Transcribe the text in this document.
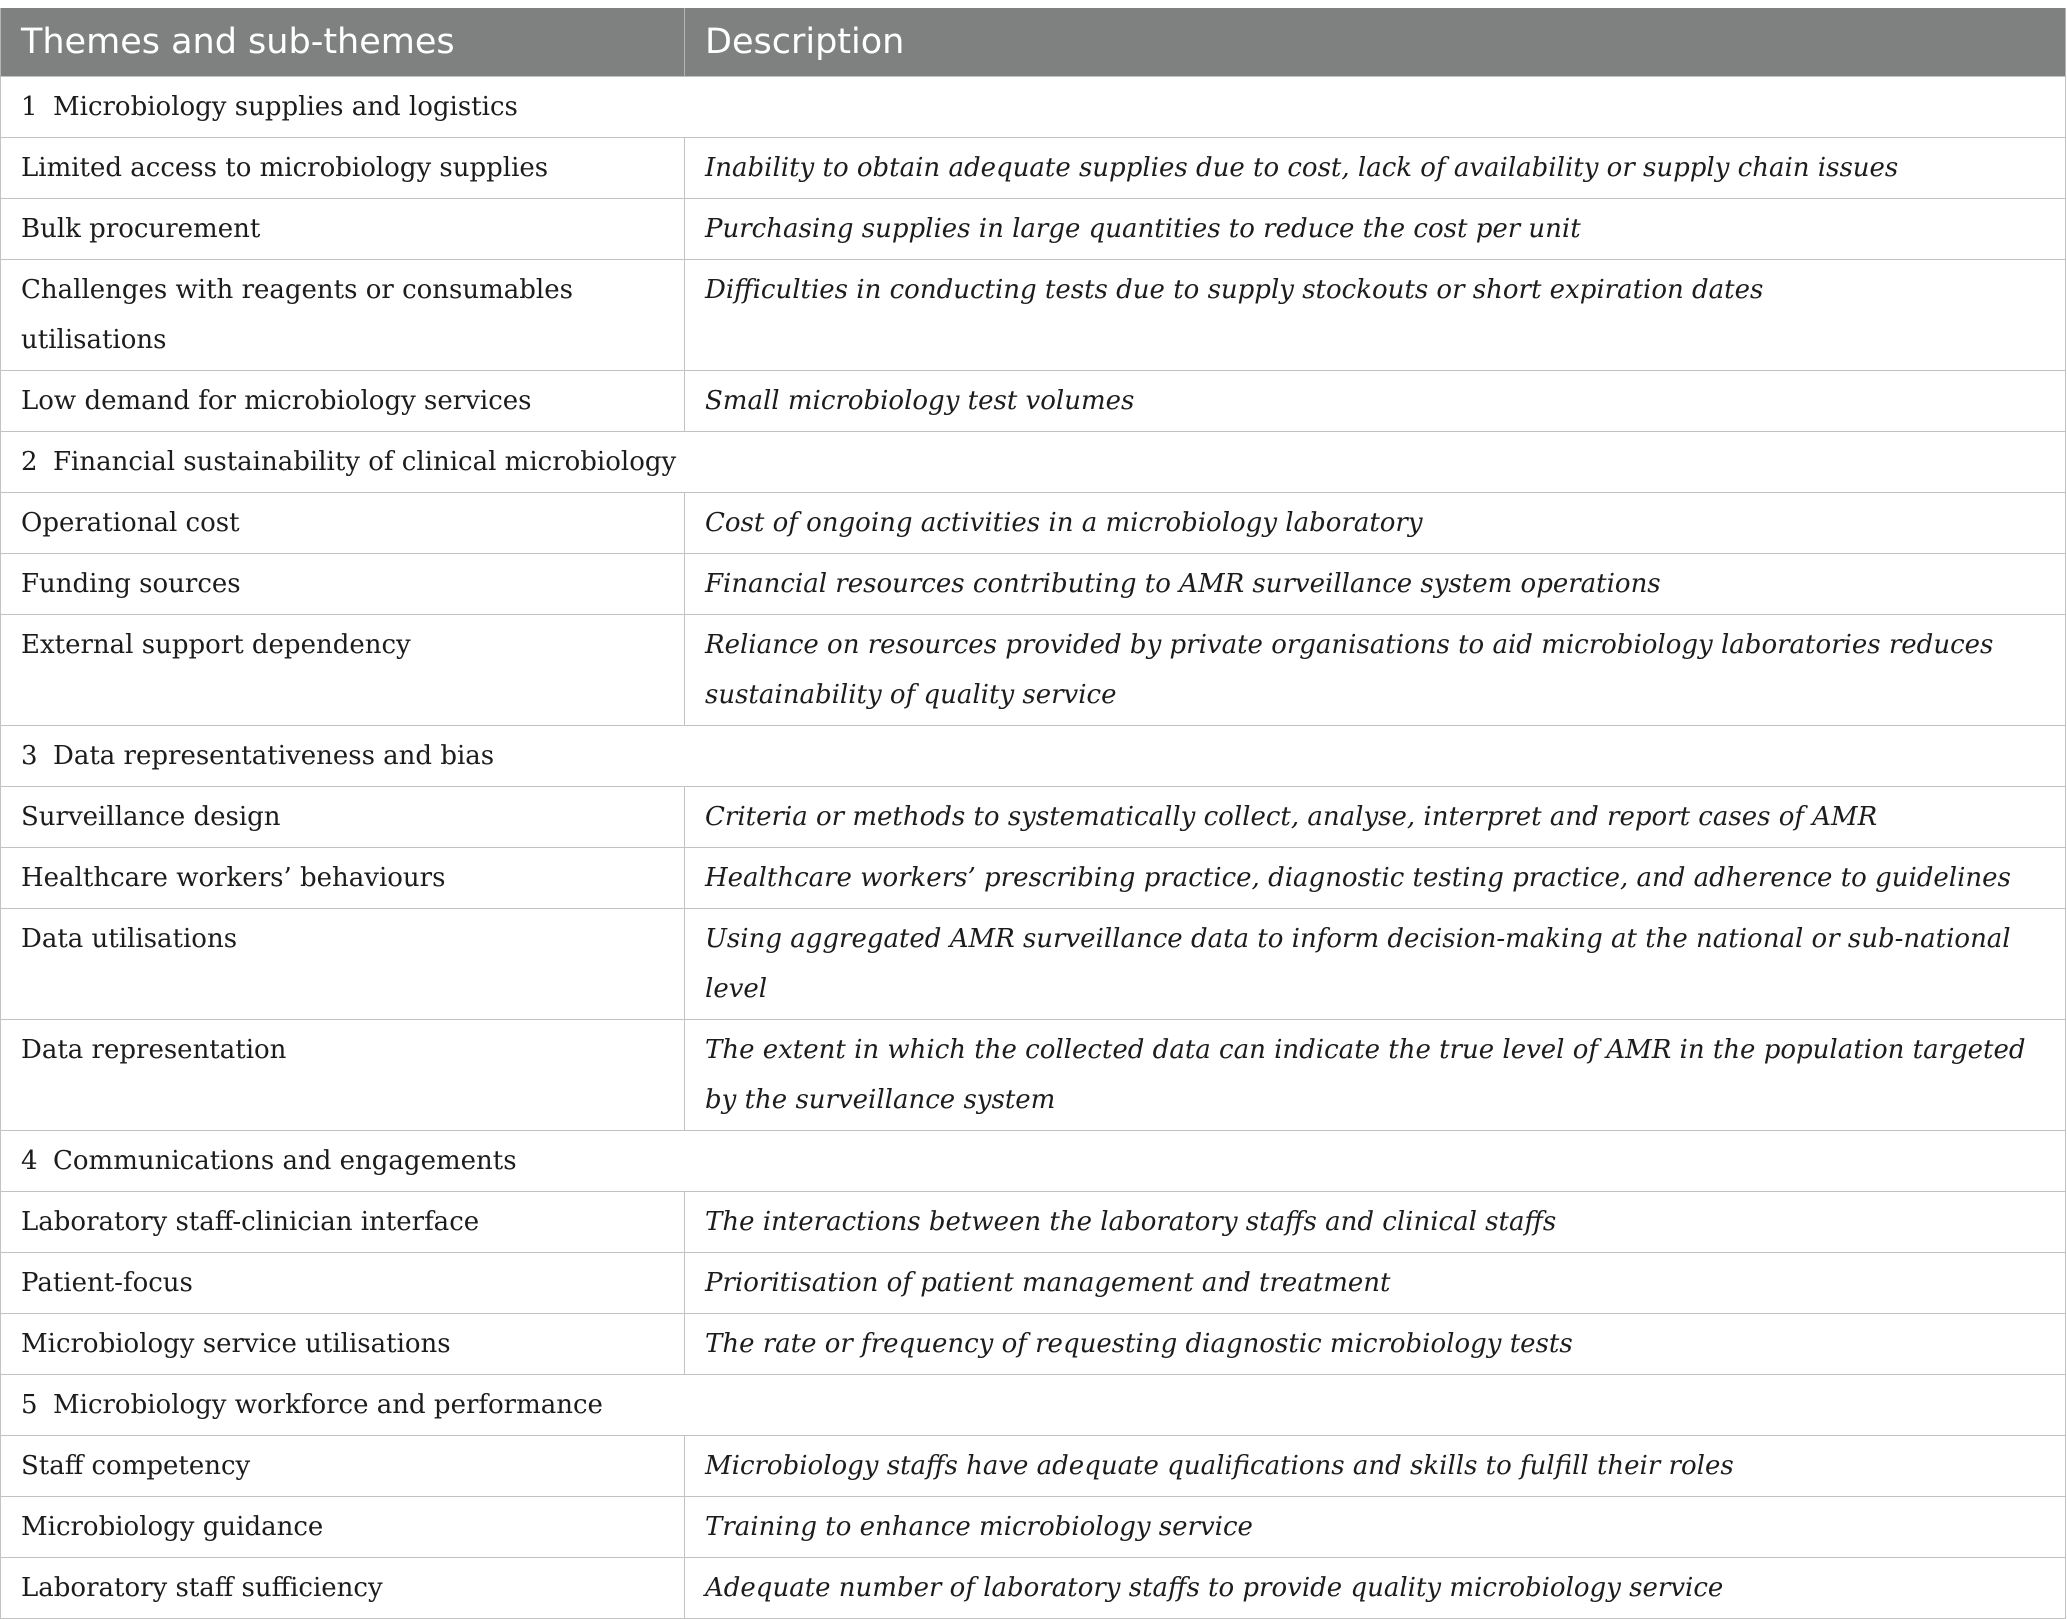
Themes and sub-themes	Description
1 Microbiology supplies and logistics	
Limited access to microbiology supplies	Inability to obtain adequate supplies due to cost, lack of availability or supply chain issues
Bulk procurement	Purchasing supplies in large quantities to reduce the cost per unit
Challenges with reagents or consumables utilisations	Difficulties in conducting tests due to supply stockouts or short expiration dates
Low demand for microbiology services	Small microbiology test volumes
2 Financial sustainability of clinical microbiology	
Operational cost	Cost of ongoing activities in a microbiology laboratory
Funding sources	Financial resources contributing to AMR surveillance system operations
External support dependency	Reliance on resources provided by private organisations to aid microbiology laboratories reduces sustainability of quality service
3 Data representativeness and bias	
Surveillance design	Criteria or methods to systematically collect, analyse, interpret and report cases of AMR
Healthcare workers’ behaviours	Healthcare workers’ prescribing practice, diagnostic testing practice, and adherence to guidelines
Data utilisations	Using aggregated AMR surveillance data to inform decision-making at the national or sub-national level
Data representation	The extent in which the collected data can indicate the true level of AMR in the population targeted by the surveillance system
4 Communications and engagements	
Laboratory staff-clinician interface	The interactions between the laboratory staffs and clinical staffs
Patient-focus	Prioritisation of patient management and treatment
Microbiology service utilisations	The rate or frequency of requesting diagnostic microbiology tests
5 Microbiology workforce and performance	
Staff competency	Microbiology staffs have adequate qualifications and skills to fulfill their roles
Microbiology guidance	Training to enhance microbiology service
Laboratory staff sufficiency	Adequate number of laboratory staffs to provide quality microbiology service
